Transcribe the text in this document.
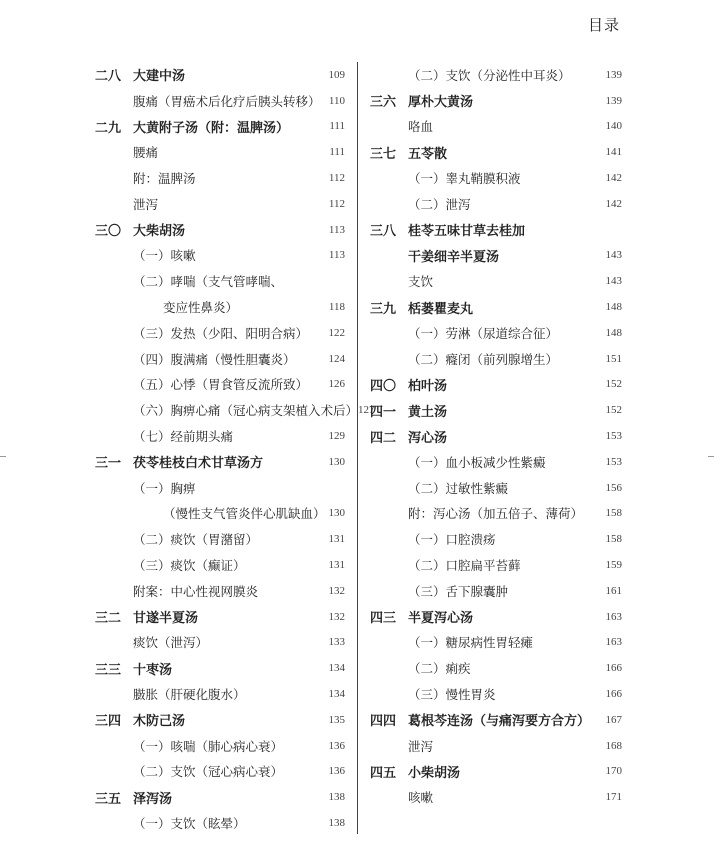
目录
二八 大建中汤	109
腹痛（胃癌术后化疗后胰头转移） 110
二九 大黄附子汤（附：温脾汤）	111
腰痛	111
附：温脾汤	112
泄泻	112
三〇 大柴胡汤	113
（一）咳嗽	113
（二）哮喘（支气管哮喘、
变应性鼻炎）	118
（三）发热（少阳、阳明合病）	122
（四）腹满痛（慢性胆囊炎）	124
（五）心悸（胃食管反流所致）	126
（六）胸痹心痛（冠心病支架植入术后） 127
（七）经前期头痛	129
三一 茯苓桂枝白术甘草汤方	130
（一）胸痹
（慢性支气管炎伴心肌缺血） 130
（二）痰饮（胃潴留）	131
（三）痰饮（癫证）	131
附案：中心性视网膜炎	132
三二 甘遂半夏汤	132
痰饮（泄泻）	133
三三 十枣汤	134
臌胀（肝硬化腹水）	134
三四 木防己汤	135
（一）咳喘（肺心病心衰）	136
（二）支饮（冠心病心衰）	136
三五 泽泻汤	138
（一）支饮（眩晕）	138
（二）支饮（分泌性中耳炎）	139
三六 厚朴大黄汤	139
咯血	140
三七 五苓散	141
（一）睾丸鞘膜积液	142
（二）泄泻	142
三八 桂苓五味甘草去桂加
干姜细辛半夏汤	143
支饮	143
三九 栝蒌瞿麦丸	148
（一）劳淋（尿道综合征）	148
（二）癃闭（前列腺增生）	151
四〇 柏叶汤	152
四一 黄土汤	152
四二 泻心汤	153
（一）血小板减少性紫癜	153
（二）过敏性紫癜	156
附：泻心汤（加五倍子、薄荷）	158
（一）口腔溃疡	158
（二）口腔扁平苔藓	159
（三）舌下腺囊肿	161
四三 半夏泻心汤	163
（一）糖尿病性胃轻瘫	163
（二）痢疾	166
（三）慢性胃炎	166
四四 葛根芩连汤（与痛泻要方合方）	167
泄泻	168
四五 小柴胡汤	170
咳嗽	171
